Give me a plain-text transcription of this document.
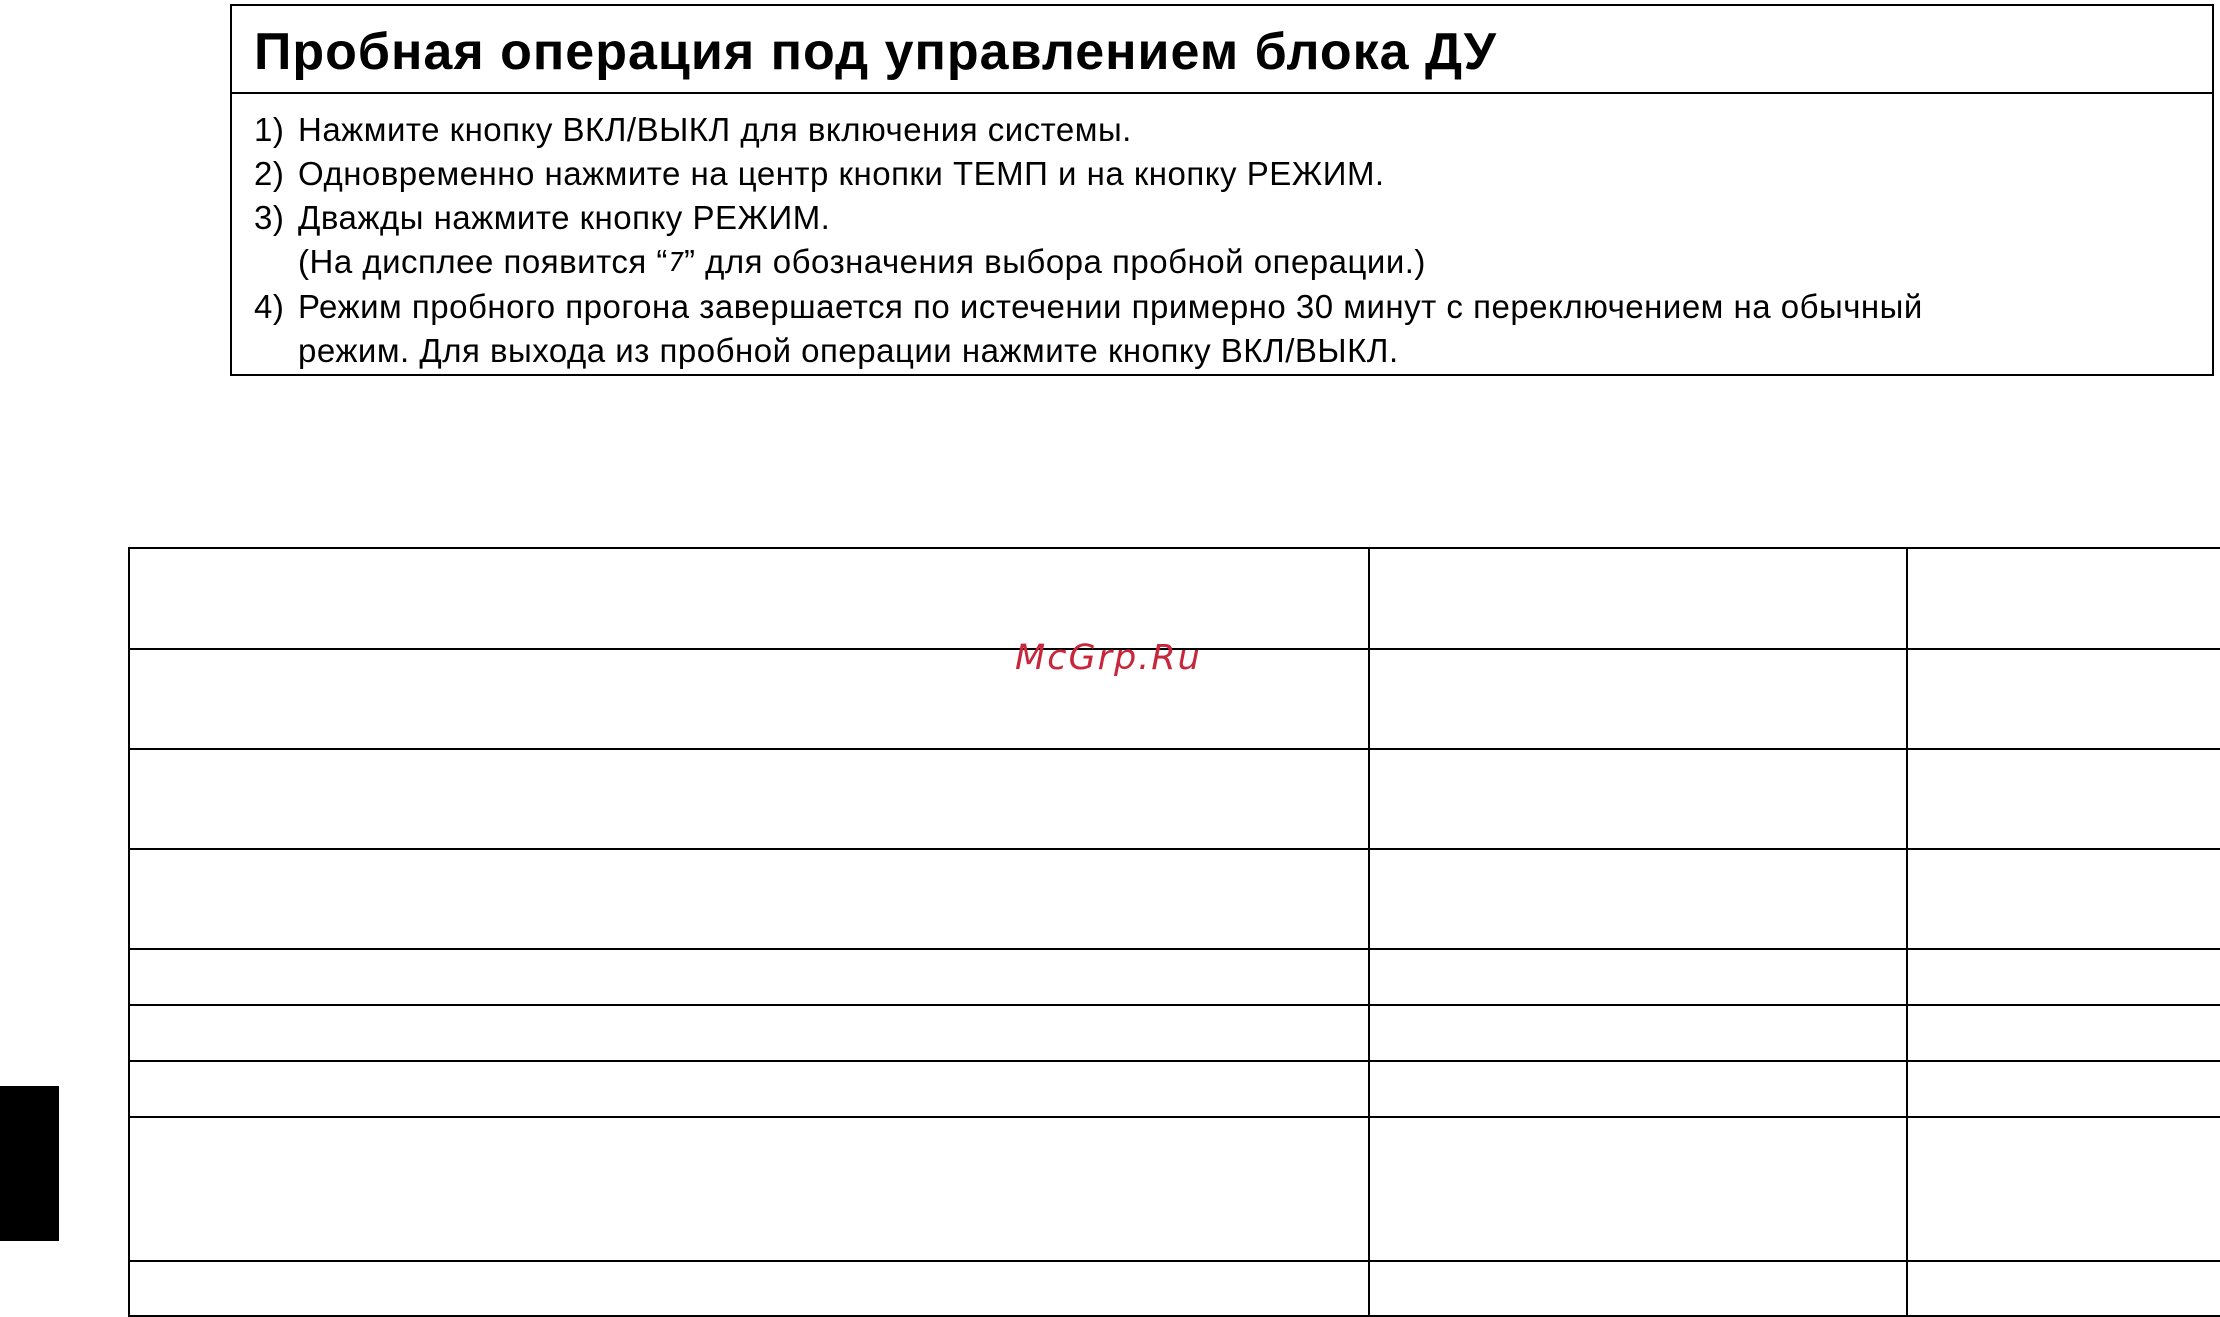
Пробная операция под управлением блока ДУ
1) Нажмите кнопку ВКЛ/ВЫКЛ для включения системы.
2) Одновременно нажмите на центр кнопки ТЕМП и на кнопку РЕЖИМ.
3) Дважды нажмите кнопку РЕЖИМ.
(На дисплее появится “7” для обозначения выбора пробной операции.)
4) Режим пробного прогона завершается по истечении примерно 30 минут с переключением на обычный
режим. Для выхода из пробной операции нажмите кнопку ВКЛ/ВЫКЛ.
McGrp.Ru
